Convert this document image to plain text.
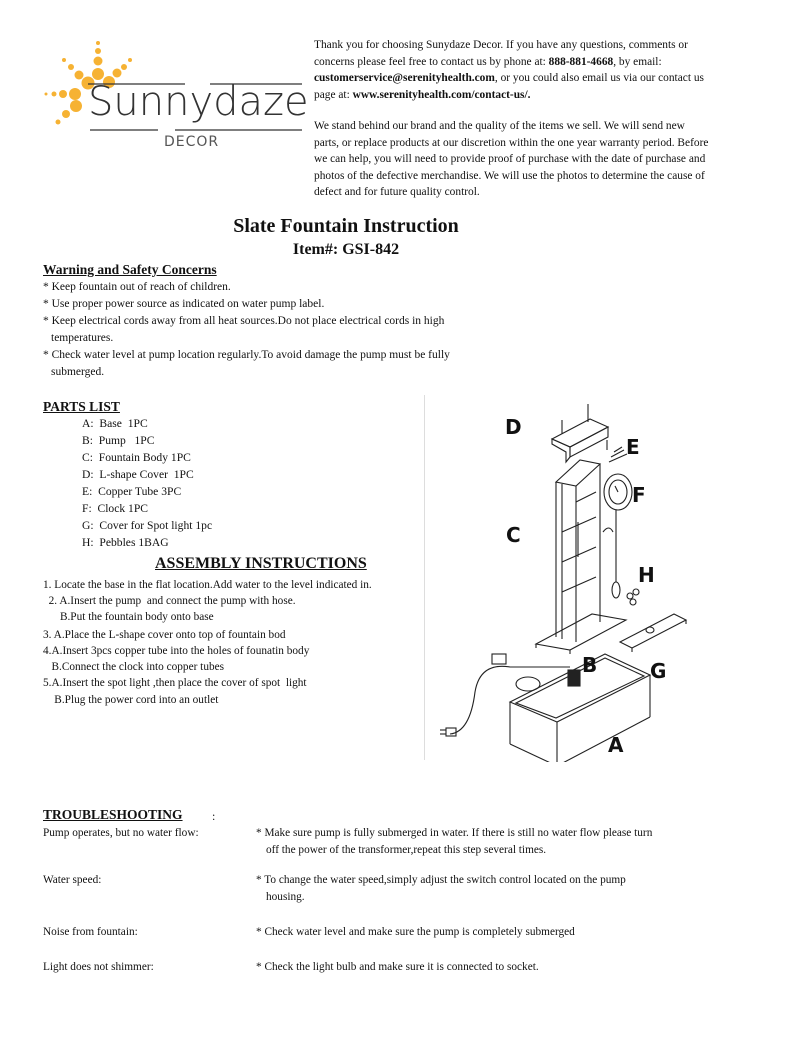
Sunnydaze
DECOR

Thank you for choosing Sunydaze Decor. If you have any questions, comments or concerns please feel free to contact us by phone at: 888-881-4668, by email: customerservice@serenityhealth.com, or you could also email us via our contact us page at: www.serenityhealth.com/contact-us/.

We stand behind our brand and the quality of the items we sell. We will send new parts, or replace products at our discretion within the one year warranty period. Before we can help, you will need to provide proof of purchase with the date of purchase and photos of the defective merchandise. We will use the photos to determine the cause of defect and for future quality control.

Slate Fountain Instruction
Item#: GSI-842
Warning and Safety Concerns
* Keep fountain out of reach of children.
* Use proper power source as indicated on water pump label.
* Keep electrical cords away from all heat sources.Do not place electrical cords in high temperatures.
* Check water level at pump location regularly.To avoid damage the pump must be fully submerged.
PARTS LIST
A:  Base  1PC
B:  Pump   1PC
C:  Fountain Body 1PC
D:  L-shape Cover  1PC
E:  Copper Tube 3PC
F:  Clock 1PC
G:  Cover for Spot light 1pc
H:  Pebbles 1BAG
ASSEMBLY INSTRUCTIONS
1. Locate the base in the flat location.Add water to the level indicated in.
2. A.Insert the pump  and connect the pump with hose.
B.Put the fountain body onto base
3. A.Place the L-shape cover onto top of fountain bod
4.A.Insert 3pcs copper tube into the holes of founatin body
B.Connect the clock into copper tubes
5.A.Insert the spot light ,then place the cover of spot  light
B.Plug the power cord into an outlet
D
E
F
C
H
B	G
A
TROUBLESHOOTING :
Pump operates, but no water flow:	* Make sure pump is fully submerged in water. If there is still no water flow please turn off the power of the transformer,repeat this step several times.
Water speed:	* To change the water speed,simply adjust the switch control located on the pump housing.
Noise from fountain:	* Check water level and make sure the pump is completely submerged
Light does not shimmer:	* Check the light bulb and make sure it is connected to socket.
